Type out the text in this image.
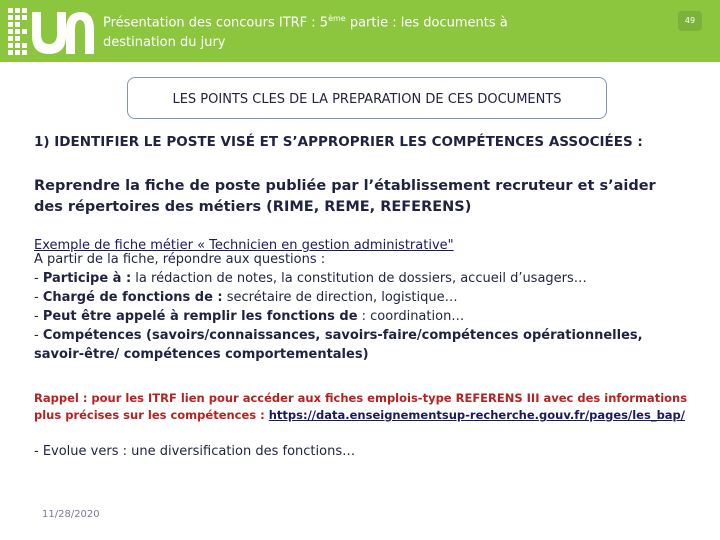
Présentation des concours ITRF : 5ème partie : les documents à destination du jury
49
LES POINTS CLES DE LA PREPARATION DE CES DOCUMENTS
1) IDENTIFIER LE POSTE VISÉ ET S’APPROPRIER LES COMPÉTENCES ASSOCIÉES :
Reprendre la fiche de poste publiée par l’établissement recruteur et s’aider des répertoires des métiers (RIME, REME, REFERENS)
Exemple de fiche métier « Technicien en gestion administrative"
A partir de la fiche, répondre aux questions :
- Participe à : la rédaction de notes, la constitution de dossiers, accueil d’usagers…
- Chargé de fonctions de : secrétaire de direction, logistique…
- Peut être appelé à remplir les fonctions de : coordination…
- Compétences (savoirs/connaissances, savoirs-faire/compétences opérationnelles, savoir-être/ compétences comportementales)
Rappel : pour les ITRF lien pour accéder aux fiches emplois-type REFERENS III avec des informations plus précises sur les compétences : https://data.enseignementsup-recherche.gouv.fr/pages/les_bap/
- Evolue vers : une diversification des fonctions…
11/28/2020
